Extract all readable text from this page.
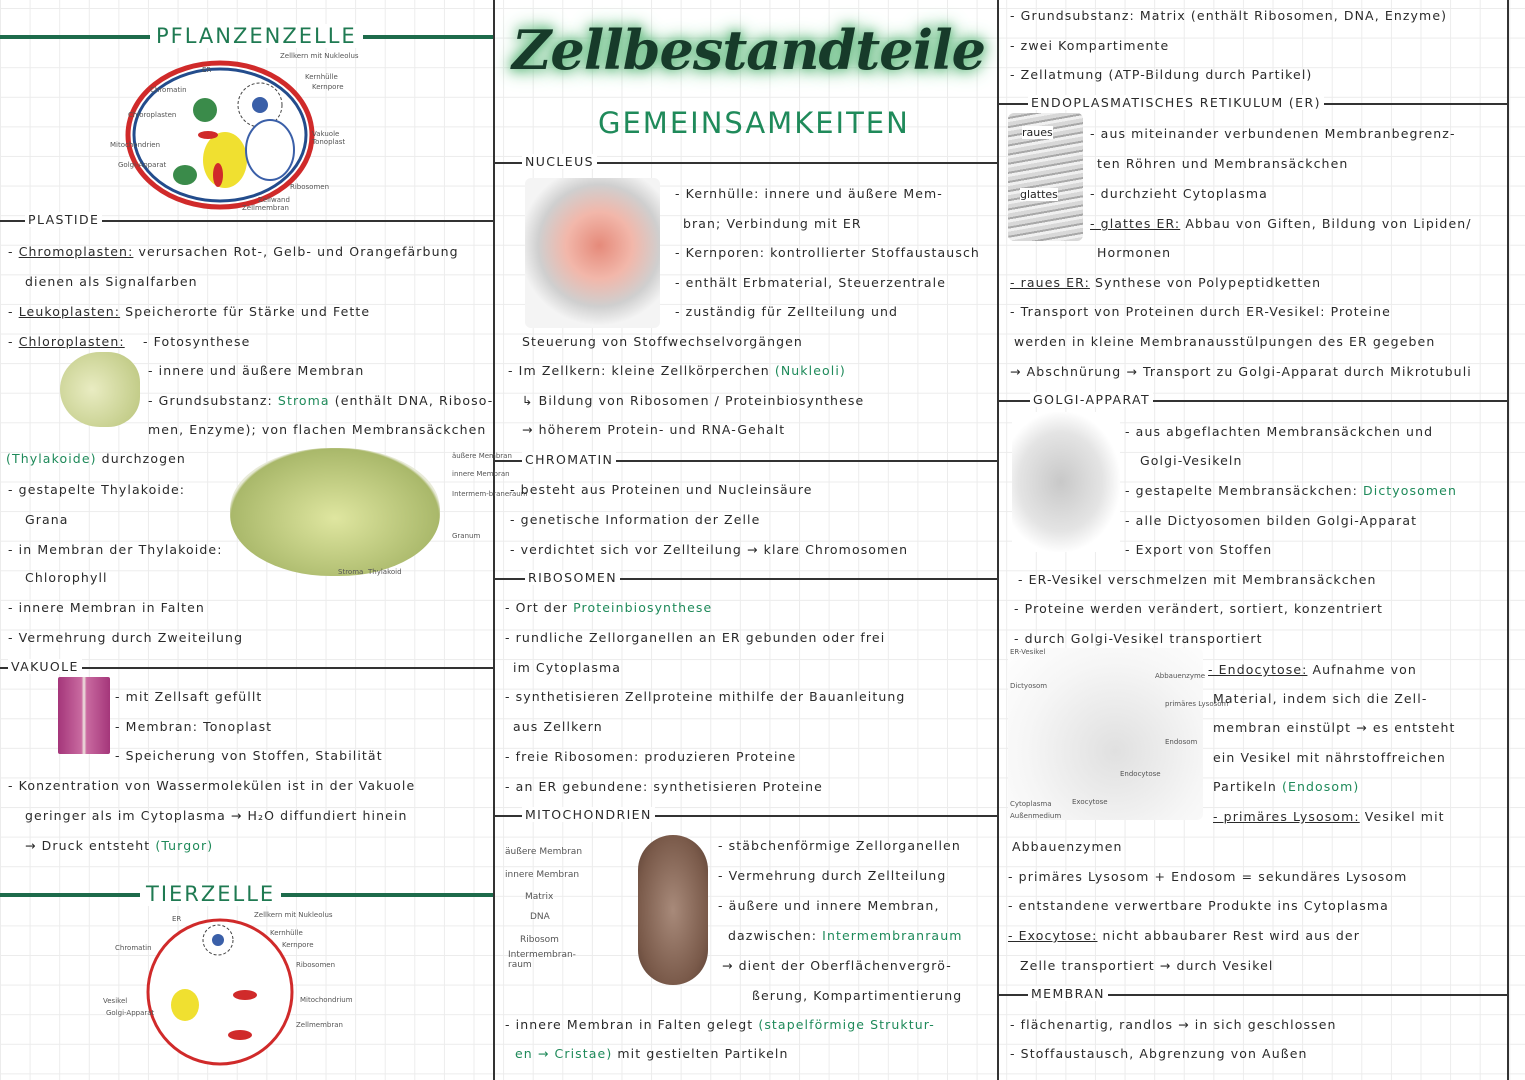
PFLANZENZELLE
ER
Zellkern mit Nukleolus
Kernhülle
Kernpore
Chromatin
Chloroplasten
Mitochondrien
Golgi-Apparat
Vakuole
Tonoplast
Ribosomen
Zellwand
Zellmembran
PLASTIDE
- Chromoplasten: verursachen Rot-, Gelb- und Orangefärbung
dienen als Signalfarben
- Leukoplasten: Speicherorte für Stärke und Fette
- Chloroplasten: - Fotosynthese
- innere und äußere Membran
- Grundsubstanz: Stroma (enthält DNA, Riboso-
men, Enzyme); von flachen Membransäckchen
(Thylakoide) durchzogen	äußere Membran
innere Membran
Intermem-braneraum
Granum
Stroma Thylakoid
- gestapelte Thylakoide:
Grana
- in Membran der Thylakoide:
Chlorophyll
- innere Membran in Falten
- Vermehrung durch Zweiteilung
VAKUOLE
- mit Zellsaft gefüllt
- Membran: Tonoplast
- Speicherung von Stoffen, Stabilität
- Konzentration von Wassermolekülen ist in der Vakuole
geringer als im Cytoplasma → H₂O diffundiert hinein
→ Druck entsteht (Turgor)
TIERZELLE
ER	Zellkern mit Nukleolus
Kernhülle
Kernpore
Chromatin
Ribosomen
Vesikel
Golgi-Apparat
Mitochondrium
Zellmembran
Zellbestandteile
GEMEINSAMKEITEN
NUCLEUS
- Kernhülle: innere und äußere Mem-
bran; Verbindung mit ER
- Kernporen: kontrollierter Stoffaustausch
- enthält Erbmaterial, Steuerzentrale
- zuständig für Zellteilung und
Steuerung von Stoffwechselvorgängen
- Im Zellkern: kleine Zellkörperchen (Nukleoli)
↳ Bildung von Ribosomen / Proteinbiosynthese
→ höherem Protein- und RNA-Gehalt
CHROMATIN
- besteht aus Proteinen und Nucleinsäure
- genetische Information der Zelle
- verdichtet sich vor Zellteilung → klare Chromosomen
RIBOSOMEN
- Ort der Proteinbiosynthese
- rundliche Zellorganellen an ER gebunden oder frei
im Cytoplasma
- synthetisieren Zellproteine mithilfe der Bauanleitung
aus Zellkern
- freie Ribosomen: produzieren Proteine
- an ER gebundene: synthetisieren Proteine
MITOCHONDRIEN
äußere Membran
innere Membran
Matrix
DNA
Ribosom
Intermembran-raum
- stäbchenförmige Zellorganellen
- Vermehrung durch Zellteilung
- äußere und innere Membran,
dazwischen: Intermembranraum
→ dient der Oberflächenvergrö-
ßerung, Kompartimentierung
- innere Membran in Falten gelegt (stapelförmige Struktur-
en → Cristae) mit gestielten Partikeln
- Grundsubstanz: Matrix (enthält Ribosomen, DNA, Enzyme)
- zwei Kompartimente
- Zellatmung (ATP-Bildung durch Partikel)
ENDOPLASMATISCHES RETIKULUM (ER)
raues
glattes
- aus miteinander verbundenen Membranbegrenz-
ten Röhren und Membransäckchen
- durchzieht Cytoplasma
- glattes ER: Abbau von Giften, Bildung von Lipiden/
Hormonen
- raues ER: Synthese von Polypeptidketten
- Transport von Proteinen durch ER-Vesikel: Proteine
werden in kleine Membranausstülpungen des ER gegeben
→ Abschnürung → Transport zu Golgi-Apparat durch Mikrotubuli
GOLGI-APPARAT
- aus abgeflachten Membransäckchen und
Golgi-Vesikeln
- gestapelte Membransäckchen: Dictyosomen
- alle Dictyosomen bilden Golgi-Apparat
- Export von Stoffen
- ER-Vesikel verschmelzen mit Membransäckchen
- Proteine werden verändert, sortiert, konzentriert
- durch Golgi-Vesikel transportiert
ER-Vesikel
Dictyosom
Abbauenzyme
primäres Lysosom
Endosom
Endocytose
Exocytose
Cytoplasma
Außenmedium
- Endocytose: Aufnahme von
Material, indem sich die Zell-
membran einstülpt → es entsteht
ein Vesikel mit nährstoffreichen
Partikeln (Endosom)
- primäres Lysosom: Vesikel mit
Abbauenzymen
- primäres Lysosom + Endosom = sekundäres Lysosom
- entstandene verwertbare Produkte ins Cytoplasma
- Exocytose: nicht abbaubarer Rest wird aus der
Zelle transportiert → durch Vesikel
MEMBRAN
- flächenartig, randlos → in sich geschlossen
- Stoffaustausch, Abgrenzung von Außen
